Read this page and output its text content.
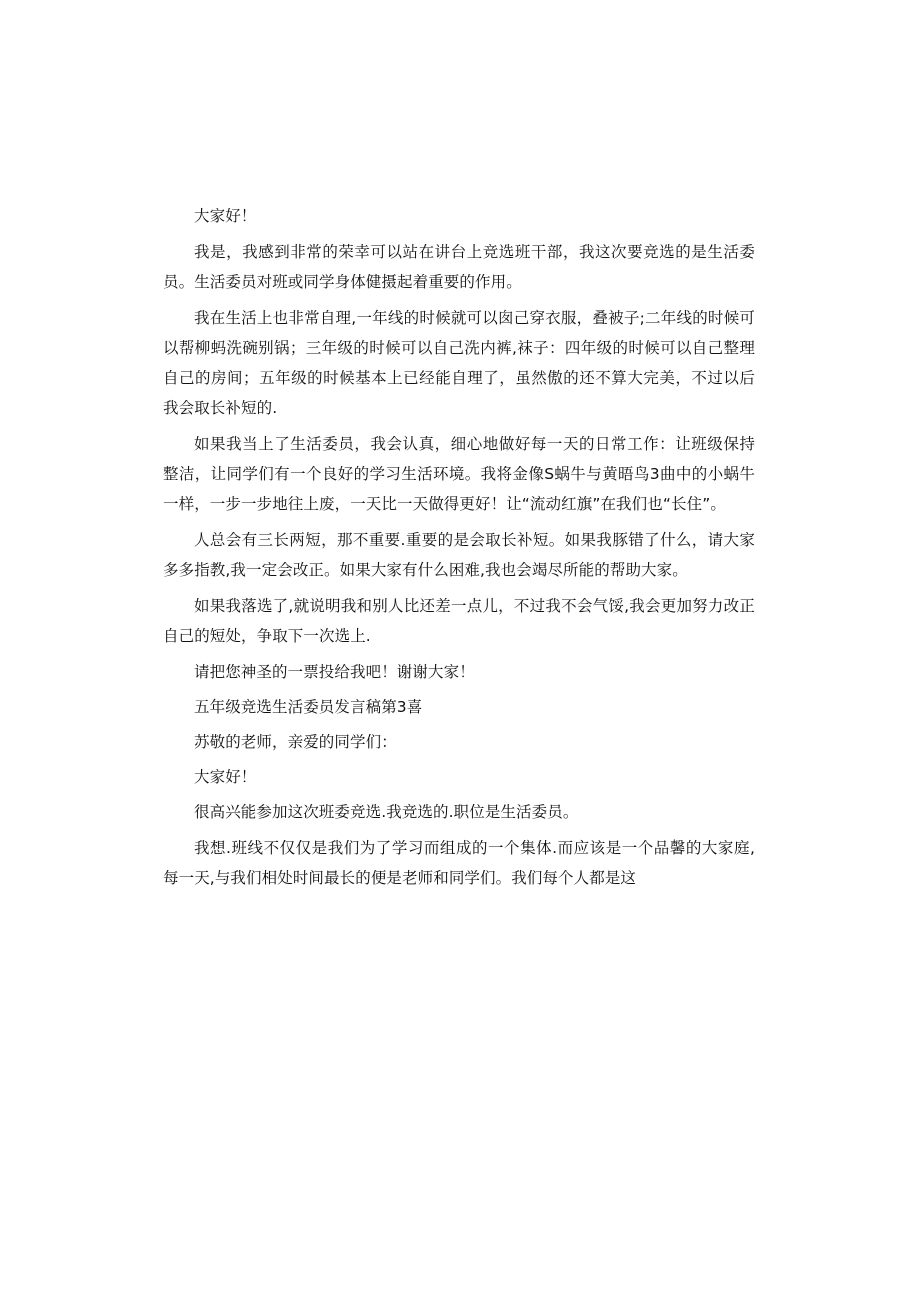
大家好！

我是，我感到非常的荣幸可以站在讲台上竞选班干部，我这次要竞选的是生活委员。生活委员对班或同学身体健摄起着重要的作用。

我在生活上也非常自理,一年线的时候就可以囱己穿衣服，叠被子;二年线的时候可以帮柳蚂洗碗别锅；三年级的时候可以自己洗内裤,袜子：四年级的时候可以自己整理自己的房间；五年级的时候基本上已经能自理了，虽然傲的还不算大完美，不过以后我会取长补短的.

如果我当上了生活委员，我会认真，细心地做好每一天的日常工作：让班级保持整洁，让同学们有一个良好的学习生活环境。我将金像S蜗牛与黄晤鸟3曲中的小蜗牛一样，一步一步地往上废，一天比一天做得更好！让“流动红旗”在我们也“长住”。

人总会有三长两短，那不重要.重要的是会取长补短。如果我豚错了什么，请大家多多指教,我一定会改正。如果大家有什么困难,我也会竭尽所能的帮助大家。

如果我落选了,就说明我和别人比还差一点儿，不过我不会气馁,我会更加努力改正自己的短处，争取下一次选上.

请把您神圣的一票投给我吧！谢谢大家！

五年级竞选生活委员发言稿第3喜

苏敬的老师，亲爱的同学们：

大家好！

很高兴能参加这次班委竞选.我竞选的.职位是生活委员。

我想.班线不仅仅是我们为了学习而组成的一个集体.而应该是一个品馨的大家庭,每一天,与我们相处时间最长的便是老师和同学们。我们每个人都是这
